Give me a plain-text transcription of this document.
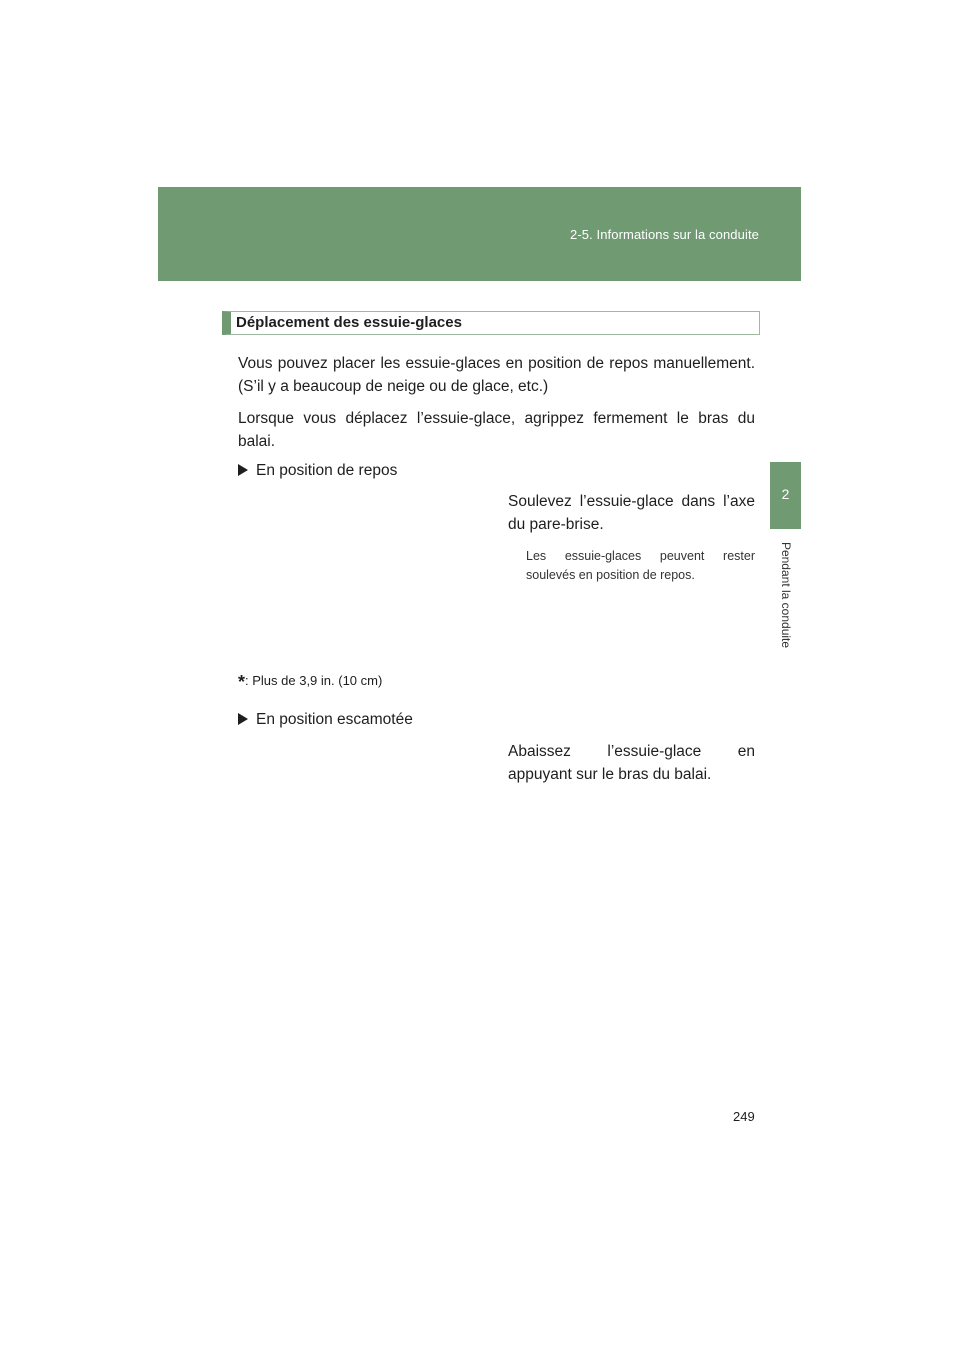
2-5. Informations sur la conduite
2
Pendant la conduite
Déplacement des essuie-glaces

Vous pouvez placer les essuie-glaces en position de repos manuellement. (S’il y a beaucoup de neige ou de glace, etc.)

Lorsque vous déplacez l’essuie-glace, agrippez fermement le bras du balai.

En position de repos

Soulevez l’essuie-glace dans l’axe du pare-brise.

Les essuie-glaces peuvent rester soulevés en position de repos.

*: Plus de 3,9 in. (10 cm)
En position escamotée

Abaissez l’essuie-glace en appuyant sur le bras du balai.

249
